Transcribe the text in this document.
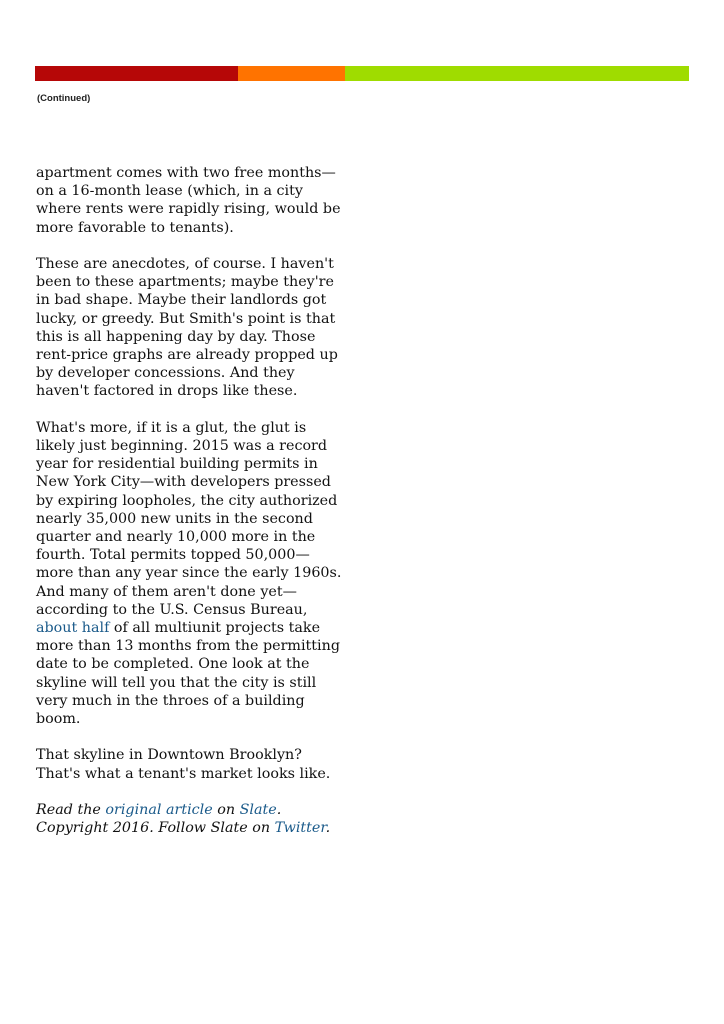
(Continued)

apartment comes with two free months—
on a 16-month lease (which, in a city
where rents were rapidly rising, would be
more favorable to tenants).

These are anecdotes, of course. I haven't
been to these apartments; maybe they're
in bad shape. Maybe their landlords got
lucky, or greedy. But Smith's point is that
this is all happening day by day. Those
rent-price graphs are already propped up
by developer concessions. And they
haven't factored in drops like these.

What's more, if it is a glut, the glut is
likely just beginning. 2015 was a record
year for residential building permits in
New York City—with developers pressed
by expiring loopholes, the city authorized
nearly 35,000 new units in the second
quarter and nearly 10,000 more in the
fourth. Total permits topped 50,000—
more than any year since the early 1960s.
And many of them aren't done yet—
according to the U.S. Census Bureau,
about half of all multiunit projects take
more than 13 months from the permitting
date to be completed. One look at the
skyline will tell you that the city is still
very much in the throes of a building
boom.

That skyline in Downtown Brooklyn?
That's what a tenant's market looks like.

Read the original article on Slate.
Copyright 2016. Follow Slate on Twitter.
